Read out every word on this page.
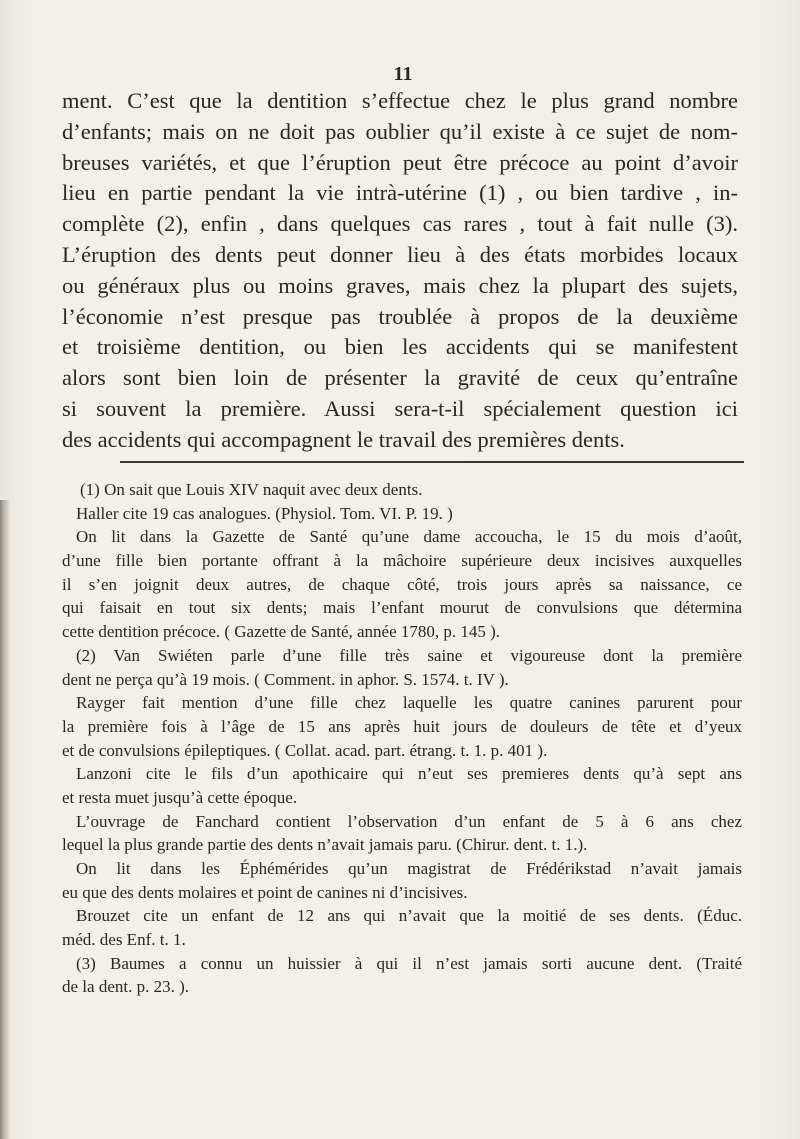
11
ment. C’est que la dentition s’effectue chez le plus grand nombre
d’enfants; mais on ne doit pas oublier qu’il existe à ce sujet de nom-
breuses variétés, et que l’éruption peut être précoce au point d’avoir
lieu en partie pendant la vie intrà-utérine (1) , ou bien tardive , in-
complète (2), enfin , dans quelques cas rares , tout à fait nulle (3).
L’éruption des dents peut donner lieu à des états morbides locaux
ou généraux plus ou moins graves, mais chez la plupart des sujets,
l’économie n’est presque pas troublée à propos de la deuxième
et troisième dentition, ou bien les accidents qui se manifestent
alors sont bien loin de présenter la gravité de ceux qu’entraîne
si souvent la première. Aussi sera-t-il spécialement question ici
des accidents qui accompagnent le travail des premières dents.
(1) On sait que Louis XIV naquit avec deux dents.
Haller cite 19 cas analogues. (Physiol. Tom. VI. P. 19. )
On lit dans la Gazette de Santé qu’une dame accoucha, le 15 du mois d’août,
d’une fille bien portante offrant à la mâchoire supérieure deux incisives auxquelles
il s’en joignit deux autres, de chaque côté, trois jours après sa naissance, ce
qui faisait en tout six dents; mais l’enfant mourut de convulsions que détermina
cette dentition précoce. ( Gazette de Santé, année 1780, p. 145 ).
(2) Van Swiéten parle d’une fille très saine et vigoureuse dont la première
dent ne perça qu’à 19 mois. ( Comment. in aphor. S. 1574. t. IV ).
Rayger fait mention d’une fille chez laquelle les quatre canines parurent pour
la première fois à l’âge de 15 ans après huit jours de douleurs de tête et d’yeux
et de convulsions épileptiques. ( Collat. acad. part. étrang. t. 1. p. 401 ).
Lanzoni cite le fils d’un apothicaire qui n’eut ses premieres dents qu’à sept ans
et resta muet jusqu’à cette époque.
L’ouvrage de Fanchard contient l’observation d’un enfant de 5 à 6 ans chez
lequel la plus grande partie des dents n’avait jamais paru. (Chirur. dent. t. 1.).
On lit dans les Éphémérides qu’un magistrat de Frédérikstad n’avait jamais
eu que des dents molaires et point de canines ni d’incisives.
Brouzet cite un enfant de 12 ans qui n’avait que la moitié de ses dents. (Éduc.
méd. des Enf. t. 1.
(3) Baumes a connu un huissier à qui il n’est jamais sorti aucune dent. (Traité
de la dent. p. 23. ).
